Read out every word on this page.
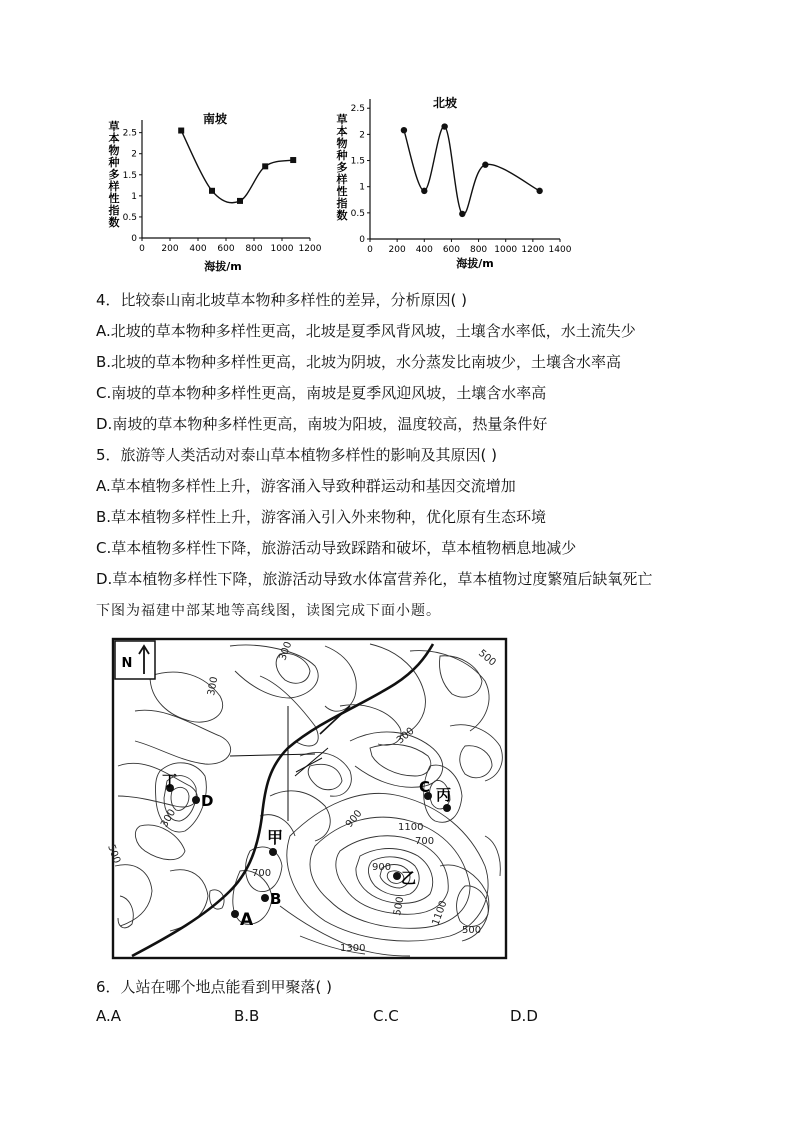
草本物种多样性指数
0
0.5
1
1.5
2
2.5
0 200 400 600 800 1000 1200
南坡
海拔/m
草本物种多样性指数
0
0.5
1
1.5
2
2.5
0 200 400 600 800 1000 1200 1400
北坡
海拔/m
4．比较泰山南北坡草本物种多样性的差异，分析原因( )
A.北坡的草本物种多样性更高，北坡是夏季风背风坡，土壤含水率低，水土流失少
B.北坡的草本物种多样性更高，北坡为阴坡，水分蒸发比南坡少，土壤含水率高
C.南坡的草本物种多样性更高，南坡是夏季风迎风坡，土壤含水率高
D.南坡的草本物种多样性更高，南坡为阳坡，温度较高，热量条件好
5．旅游等人类活动对泰山草本植物多样性的影响及其原因( )
A.草本植物多样性上升，游客涌入导致种群运动和基因交流增加
B.草本植物多样性上升，游客涌入引入外来物种，优化原有生态环境
C.草本植物多样性下降，旅游活动导致踩踏和破坏，草本植物栖息地减少
D.草本植物多样性下降，旅游活动导致水体富营养化，草本植物过度繁殖后缺氧死亡
下图为福建中部某地等高线图，读图完成下面小题。
N
300	500
300
300
300
500
700
900	1100
700
900
500 1100
1300
500
丁
D
甲
A
B
C 丙
乙
6．人站在哪个地点能看到甲聚落( )
A.A	B.B	C.C	D.D
